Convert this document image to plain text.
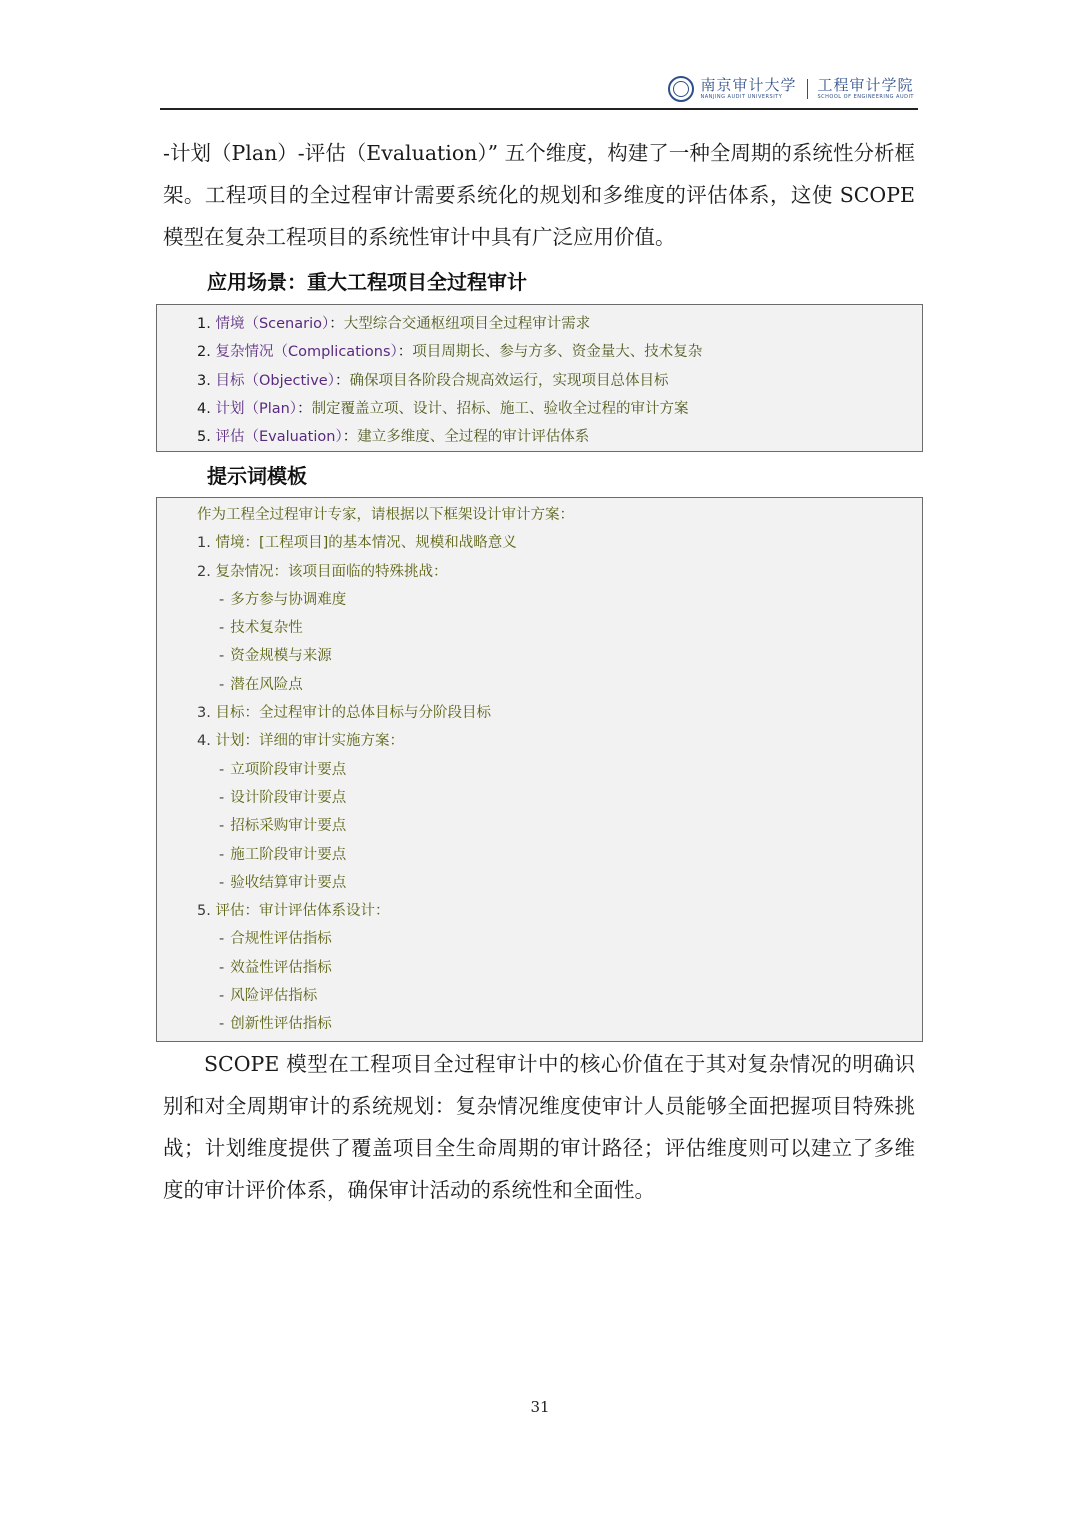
南京审计大学
NANJING AUDIT UNIVERSITY
工程审计学院
SCHOOL OF ENGINEERING AUDIT

-计划（Plan）-评估（Evaluation）” 五个维度，构建了一种全周期的系统性分析框架。工程项目的全过程审计需要系统化的规划和多维度的评估体系，这使 SCOPE 模型在复杂工程项目的系统性审计中具有广泛应用价值。

应用场景：重大工程项目全过程审计
1. 情境（Scenario）：大型综合交通枢纽项目全过程审计需求
2. 复杂情况（Complications）：项目周期长、参与方多、资金量大、技术复杂
3. 目标（Objective）：确保项目各阶段合规高效运行，实现项目总体目标
4. 计划（Plan）：制定覆盖立项、设计、招标、施工、验收全过程的审计方案
5. 评估（Evaluation）：建立多维度、全过程的审计评估体系
提示词模板
作为工程全过程审计专家，请根据以下框架设计审计方案：
1. 情境：[工程项目]的基本情况、规模和战略意义
2. 复杂情况：该项目面临的特殊挑战：
- 多方参与协调难度
- 技术复杂性
- 资金规模与来源
- 潜在风险点
3. 目标：全过程审计的总体目标与分阶段目标
4. 计划：详细的审计实施方案：
- 立项阶段审计要点
- 设计阶段审计要点
- 招标采购审计要点
- 施工阶段审计要点
- 验收结算审计要点
5. 评估：审计评估体系设计：
- 合规性评估指标
- 效益性评估指标
- 风险评估指标
- 创新性评估指标

SCOPE 模型在工程项目全过程审计中的核心价值在于其对复杂情况的明确识别和对全周期审计的系统规划：复杂情况维度使审计人员能够全面把握项目特殊挑战；计划维度提供了覆盖项目全生命周期的审计路径；评估维度则可以建立了多维度的审计评价体系，确保审计活动的系统性和全面性。

31
